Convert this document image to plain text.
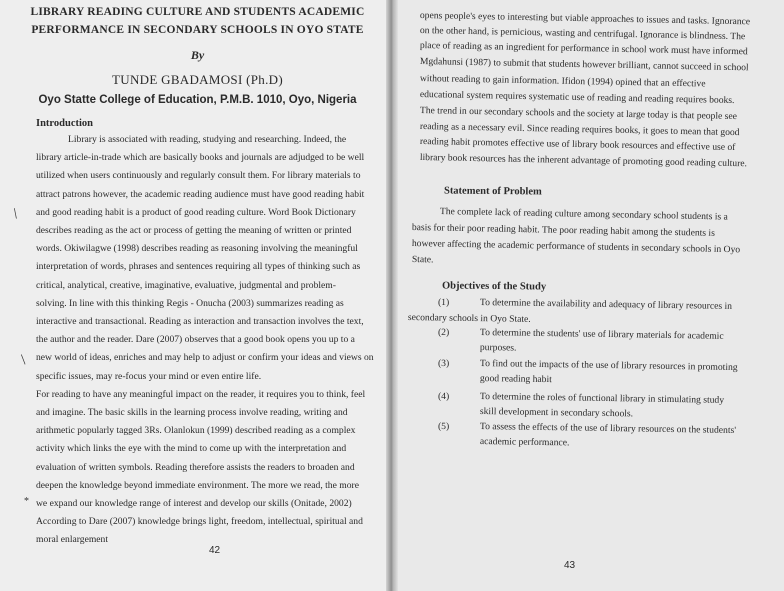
LIBRARY READING CULTURE AND STUDENTS ACADEMIC
PERFORMANCE IN SECONDARY SCHOOLS IN OYO STATE
By
TUNDE GBADAMOSI (Ph.D)
Oyo Statte College of Education, P.M.B. 1010, Oyo, Nigeria
Introduction
Library is associated with reading, studying and researching. Indeed, the
library article-in-trade which are basically books and journals are adjudged to be well
utilized when users continuously and regularly consult them. For library materials to
attract patrons however, the academic reading audience must have good reading habit
and good reading habit is a product of good reading culture. Word Book Dictionary
describes reading as the act or process of getting the meaning of written or printed
words. Okiwilagwe (1998) describes reading as reasoning involving the meaningful
interpretation of words, phrases and sentences requiring all types of thinking such as
critical, analytical, creative, imaginative, evaluative, judgmental and problem-
solving. In line with this thinking Regis - Onucha (2003) summarizes reading as
interactive and transactional. Reading as interaction and transaction involves the text,
the author and the reader. Dare (2007) observes that a good book opens you up to a
new world of ideas, enriches and may help to adjust or confirm your ideas and views on
specific issues, may re-focus your mind or even entire life.
For reading to have any meaningful impact on the reader, it requires you to think, feel
and imagine. The basic skills in the learning process involve reading, writing and
arithmetic popularly tagged 3Rs. Olanlokun (1999) described reading as a complex
activity which links the eye with the mind to come up with the interpretation and
evaluation of written symbols. Reading therefore assists the readers to broaden and
deepen the knowledge beyond immediate environment. The more we read, the more
we expand our knowledge range of interest and develop our skills (Onitade, 2002)
According to Dare (2007) knowledge brings light, freedom, intellectual, spiritual and
moral enlargement
/
/
*
42
opens people's eyes to interesting but viable approaches to issues and tasks. Ignorance
on the other hand, is pernicious, wasting and centrifugal. Ignorance is blindness. The
place of reading as an ingredient for performance in school work must have informed
Mgdahunsi (1987) to submit that students however brilliant, cannot succeed in school
without reading to gain information. Ifidon (1994) opined that an effective
educational system requires systematic use of reading and reading requires books.
The trend in our secondary schools and the society at large today is that people see
reading as a necessary evil. Since reading requires books, it goes to mean that good
reading habit promotes effective use of library book resources and effective use of
library book resources has the inherent advantage of promoting good reading culture.
Statement of Problem
The complete lack of reading culture among secondary school students is a
basis for their poor reading habit. The poor reading habit among the students is
however affecting the academic performance of students in secondary schools in Oyo
State.
Objectives of the Study
(1)	To determine the availability and adequacy of library resources in
secondary schools in Oyo State.
(2)	To determine the students' use of library materials for academic
purposes.
(3)	To find out the impacts of the use of library resources in promoting
good reading habit
(4)	To determine the roles of functional library in stimulating study
skill development in secondary schools.
(5)	To assess the effects of the use of library resources on the students'
academic performance.
43
